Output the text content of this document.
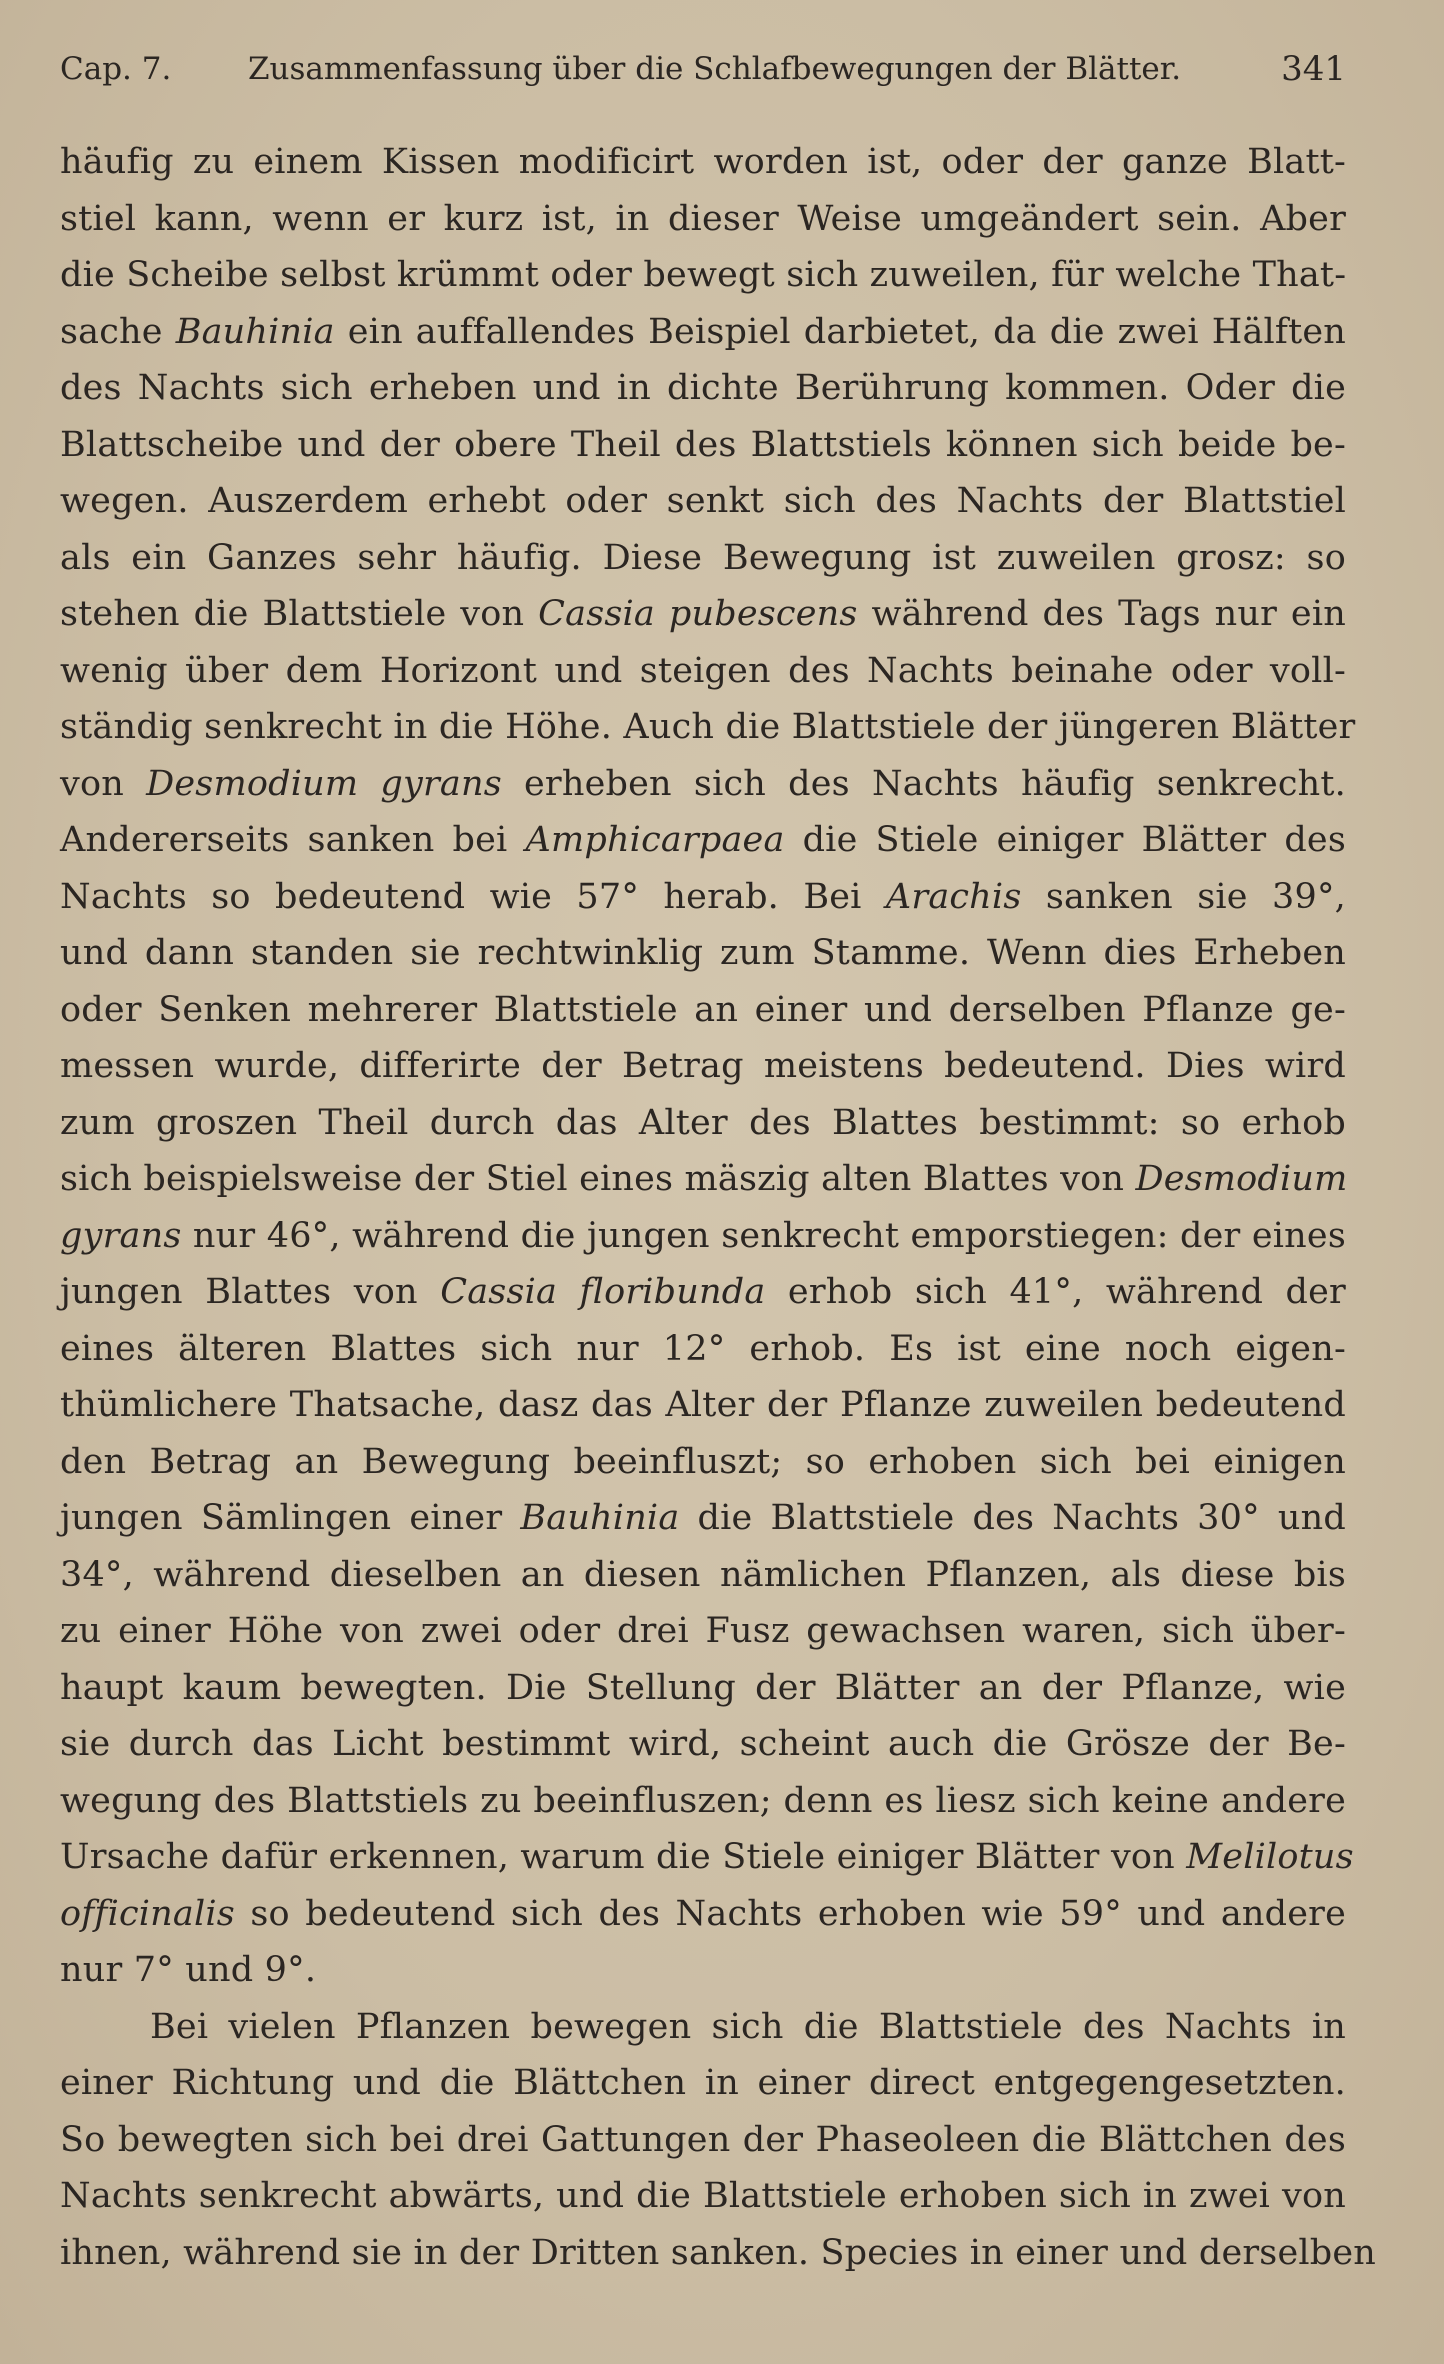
Cap. 7. Zusammenfassung über die Schlafbewegungen der Blätter.	341
häufig zu einem Kissen modificirt worden ist, oder der ganze Blatt-
stiel kann, wenn er kurz ist, in dieser Weise umgeändert sein. Aber
die Scheibe selbst krümmt oder bewegt sich zuweilen, für welche That-
sache Bauhinia ein auffallendes Beispiel darbietet, da die zwei Hälften
des Nachts sich erheben und in dichte Berührung kommen. Oder die
Blattscheibe und der obere Theil des Blattstiels können sich beide be-
wegen. Auszerdem erhebt oder senkt sich des Nachts der Blattstiel
als ein Ganzes sehr häufig. Diese Bewegung ist zuweilen grosz: so
stehen die Blattstiele von Cassia pubescens während des Tags nur ein
wenig über dem Horizont und steigen des Nachts beinahe oder voll-
ständig senkrecht in die Höhe. Auch die Blattstiele der jüngeren Blätter
von Desmodium gyrans erheben sich des Nachts häufig senkrecht.
Andererseits sanken bei Amphicarpaea die Stiele einiger Blätter des
Nachts so bedeutend wie 57° herab. Bei Arachis sanken sie 39°,
und dann standen sie rechtwinklig zum Stamme. Wenn dies Erheben
oder Senken mehrerer Blattstiele an einer und derselben Pflanze ge-
messen wurde, differirte der Betrag meistens bedeutend. Dies wird
zum groszen Theil durch das Alter des Blattes bestimmt: so erhob
sich beispielsweise der Stiel eines mäszig alten Blattes von Desmodium
gyrans nur 46°, während die jungen senkrecht emporstiegen: der eines
jungen Blattes von Cassia floribunda erhob sich 41°, während der
eines älteren Blattes sich nur 12° erhob. Es ist eine noch eigen-
thümlichere Thatsache, dasz das Alter der Pflanze zuweilen bedeutend
den Betrag an Bewegung beeinfluszt; so erhoben sich bei einigen
jungen Sämlingen einer Bauhinia die Blattstiele des Nachts 30° und
34°, während dieselben an diesen nämlichen Pflanzen, als diese bis
zu einer Höhe von zwei oder drei Fusz gewachsen waren, sich über-
haupt kaum bewegten. Die Stellung der Blätter an der Pflanze, wie
sie durch das Licht bestimmt wird, scheint auch die Grösze der Be-
wegung des Blattstiels zu beeinfluszen; denn es liesz sich keine andere
Ursache dafür erkennen, warum die Stiele einiger Blätter von Melilotus
officinalis so bedeutend sich des Nachts erhoben wie 59° und andere
nur 7° und 9°.
Bei vielen Pflanzen bewegen sich die Blattstiele des Nachts in
einer Richtung und die Blättchen in einer direct entgegengesetzten.
So bewegten sich bei drei Gattungen der Phaseoleen die Blättchen des
Nachts senkrecht abwärts, und die Blattstiele erhoben sich in zwei von
ihnen, während sie in der Dritten sanken. Species in einer und derselben
